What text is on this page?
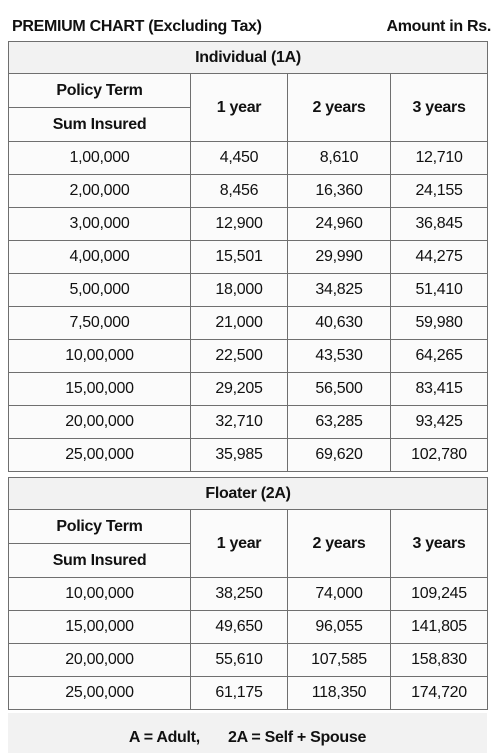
PREMIUM CHART (Excluding Tax)	Amount in Rs.
Individual (1A)			
Policy Term	1 year	2 years	3 years
Sum Insured			
1,00,000	4,450	8,610	12,710
2,00,000	8,456	16,360	24,155
3,00,000	12,900	24,960	36,845
4,00,000	15,501	29,990	44,275
5,00,000	18,000	34,825	51,410
7,50,000	21,000	40,630	59,980
10,00,000	22,500	43,530	64,265
15,00,000	29,205	56,500	83,415
20,00,000	32,710	63,285	93,425
25,00,000	35,985	69,620	102,780
Floater (2A)			
Policy Term	1 year	2 years	3 years
Sum Insured			
10,00,000	38,250	74,000	109,245
15,00,000	49,650	96,055	141,805
20,00,000	55,610	107,585	158,830
25,00,000	61,175	118,350	174,720
A = Adult, 2A = Self + Spouse
